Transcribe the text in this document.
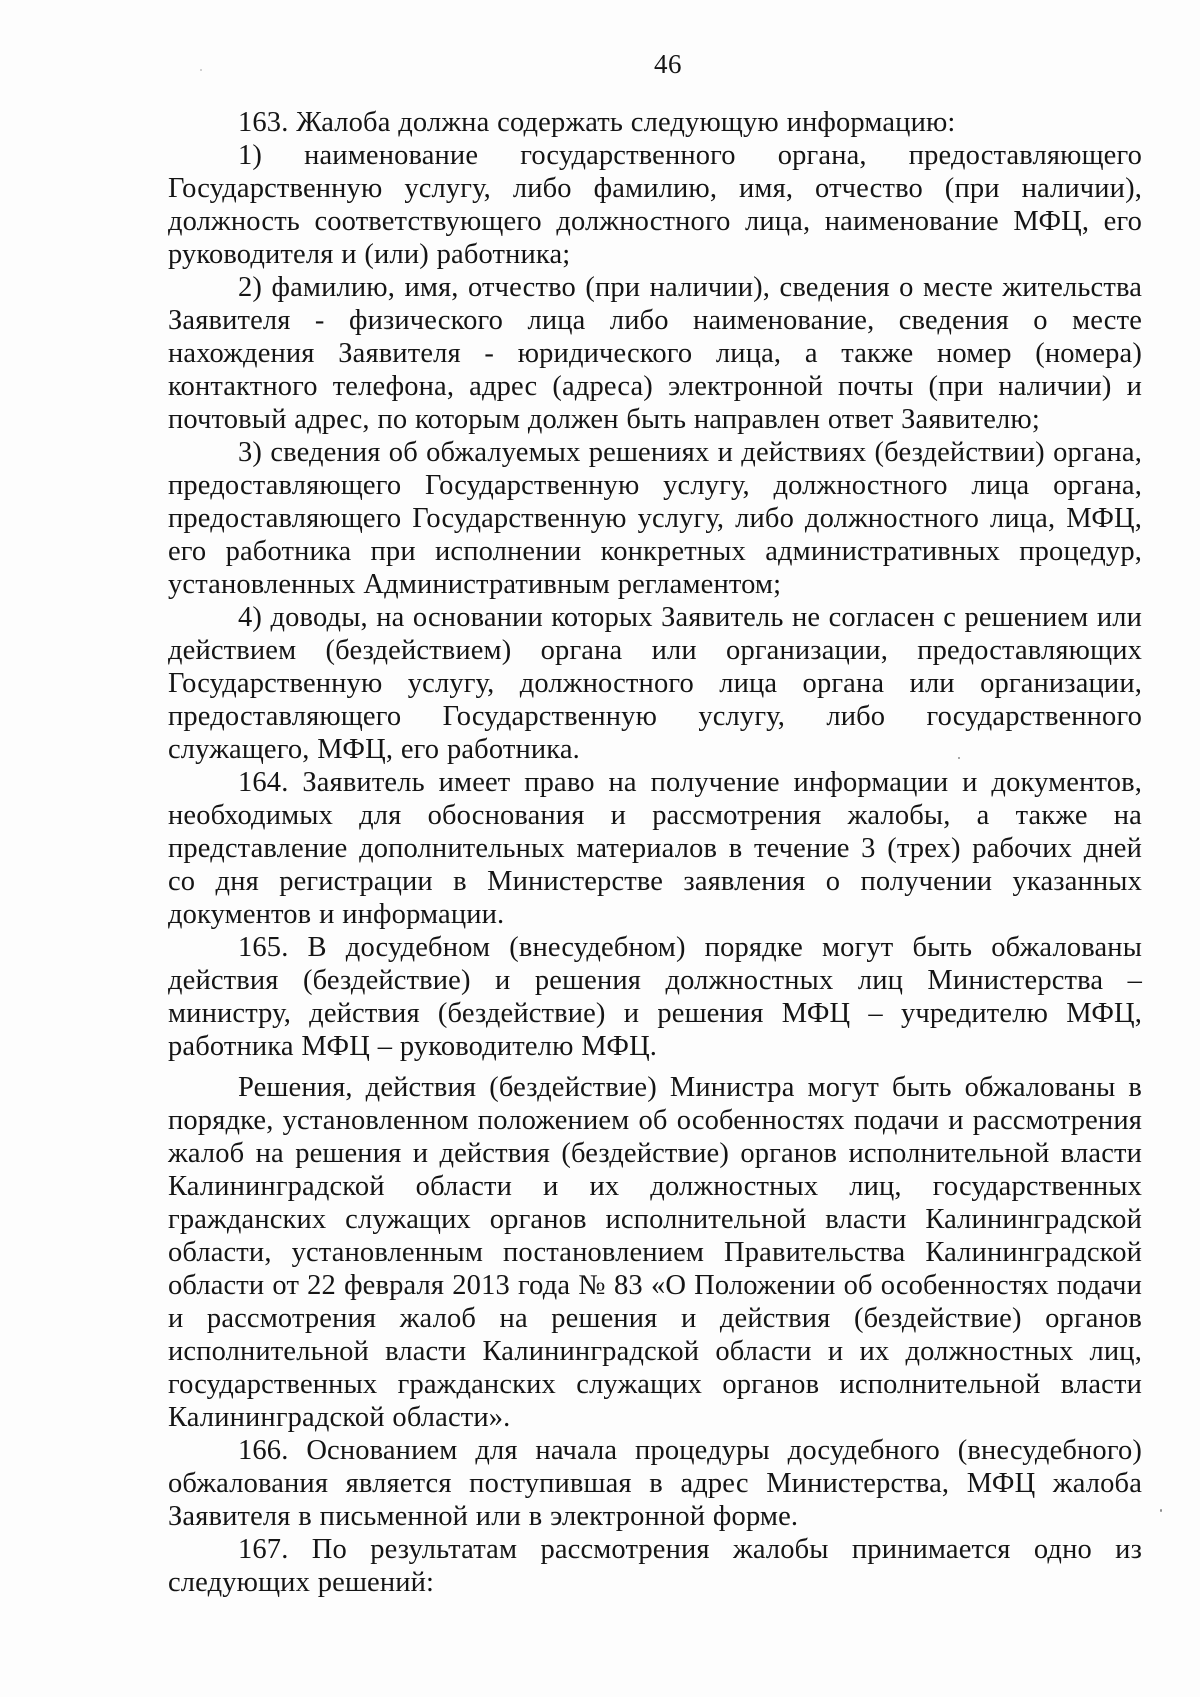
46

163. Жалоба должна содержать следующую информацию:

1) наименование государственного органа, предоставляющего Государственную услугу, либо фамилию, имя, отчество (при наличии), должность соответствующего должностного лица, наименование МФЦ, его руководителя и (или) работника;

2) фамилию, имя, отчество (при наличии), сведения о месте жительства Заявителя - физического лица либо наименование, сведения о месте нахождения Заявителя - юридического лица, а также номер (номера) контактного телефона, адрес (адреса) электронной почты (при наличии) и почтовый адрес, по которым должен быть направлен ответ Заявителю;

3) сведения об обжалуемых решениях и действиях (бездействии) органа, предоставляющего Государственную услугу, должностного лица органа, предоставляющего Государственную услугу, либо должностного лица, МФЦ, его работника при исполнении конкретных административных процедур, установленных Административным регламентом;

4) доводы, на основании которых Заявитель не согласен с решением или действием (бездействием) органа или организации, предоставляющих Государственную услугу, должностного лица органа или организации, предоставляющего Государственную услугу, либо государственного служащего, МФЦ, его работника.

164. Заявитель имеет право на получение информации и документов, необходимых для обоснования и рассмотрения жалобы, а также на представление дополнительных материалов в течение 3 (трех) рабочих дней со дня регистрации в Министерстве заявления о получении указанных документов и информации.

165. В досудебном (внесудебном) порядке могут быть обжалованы действия (бездействие) и решения должностных лиц Министерства – министру, действия (бездействие) и решения МФЦ – учредителю МФЦ, работника МФЦ – руководителю МФЦ.

Решения, действия (бездействие) Министра могут быть обжалованы в порядке, установленном положением об особенностях подачи и рассмотрения жалоб на решения и действия (бездействие) органов исполнительной власти Калининградской области и их должностных лиц, государственных гражданских служащих органов исполнительной власти Калининградской области, установленным постановлением Правительства Калининградской области от 22 февраля 2013 года № 83 «О Положении об особенностях подачи и рассмотрения жалоб на решения и действия (бездействие) органов исполнительной власти Калининградской области и их должностных лиц, государственных гражданских служащих органов исполнительной власти Калининградской области».

166. Основанием для начала процедуры досудебного (внесудебного) обжалования является поступившая в адрес Министерства, МФЦ жалоба Заявителя в письменной или в электронной форме.

167. По результатам рассмотрения жалобы принимается одно из следующих решений:
